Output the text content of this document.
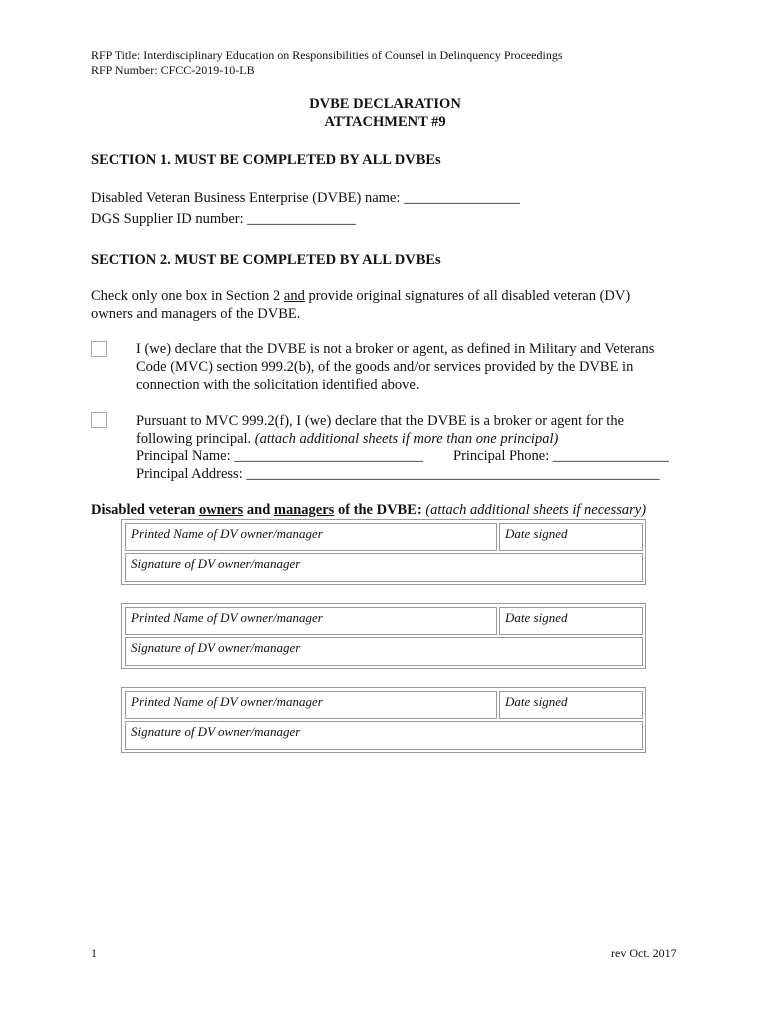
RFP Title: Interdisciplinary Education on Responsibilities of Counsel in Delinquency Proceedings
RFP Number: CFCC-2019-10-LB
DVBE DECLARATION
ATTACHMENT #9
SECTION 1. MUST BE COMPLETED BY ALL DVBEs
Disabled Veteran Business Enterprise (DVBE) name: ________________
DGS Supplier ID number: _______________
SECTION 2. MUST BE COMPLETED BY ALL DVBEs
Check only one box in Section 2 and provide original signatures of all disabled veteran (DV)
owners and managers of the DVBE.
I (we) declare that the DVBE is not a broker or agent, as defined in Military and Veterans
Code (MVC) section 999.2(b), of the goods and/or services provided by the DVBE in
connection with the solicitation identified above.
Pursuant to MVC 999.2(f), I (we) declare that the DVBE is a broker or agent for the
following principal. (attach additional sheets if more than one principal)
Principal Name: __________________________ Principal Phone: ________________
Principal Address: _________________________________________________________
Disabled veteran owners and managers of the DVBE: (attach additional sheets if necessary)
Printed Name of DV owner/manager	Date signed
Signature of DV owner/manager
Printed Name of DV owner/manager	Date signed
Signature of DV owner/manager
Printed Name of DV owner/manager	Date signed
Signature of DV owner/manager
1	rev Oct. 2017
